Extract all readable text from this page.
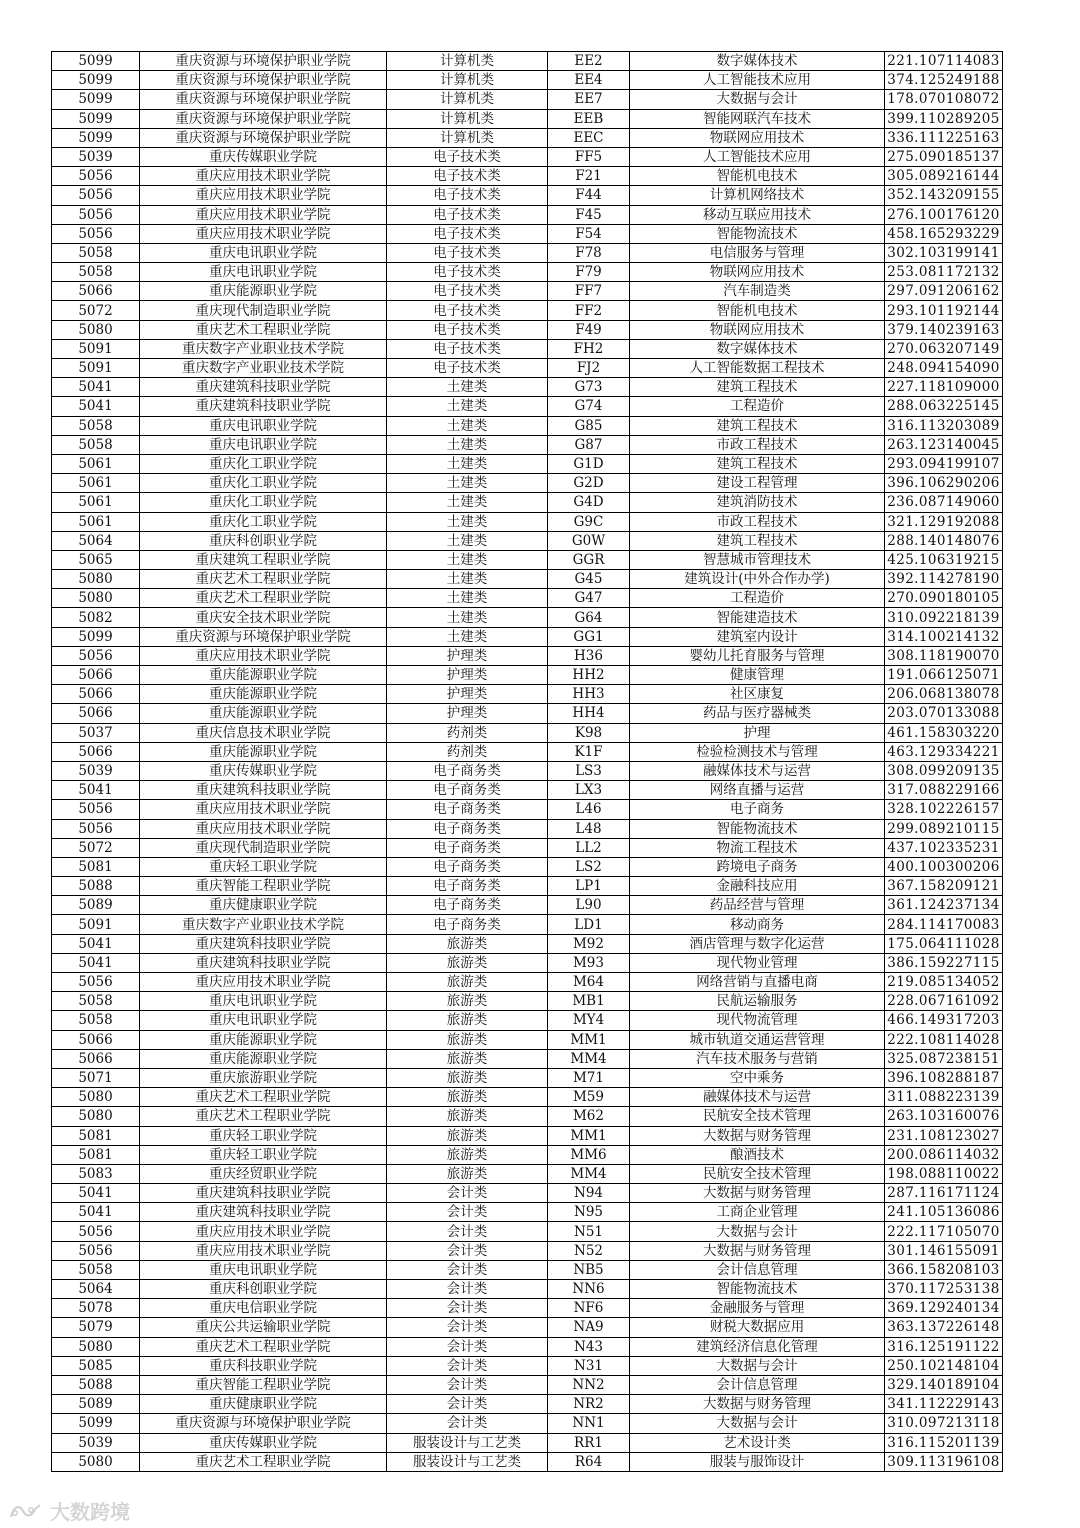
5099	重庆资源与环境保护职业学院	计算机类	EE2	数字媒体技术	221.107114083
5099	重庆资源与环境保护职业学院	计算机类	EE4	人工智能技术应用	374.125249188
5099	重庆资源与环境保护职业学院	计算机类	EE7	大数据与会计	178.070108072
5099	重庆资源与环境保护职业学院	计算机类	EEB	智能网联汽车技术	399.110289205
5099	重庆资源与环境保护职业学院	计算机类	EEC	物联网应用技术	336.111225163
5039	重庆传媒职业学院	电子技术类	FF5	人工智能技术应用	275.090185137
5056	重庆应用技术职业学院	电子技术类	F21	智能机电技术	305.089216144
5056	重庆应用技术职业学院	电子技术类	F44	计算机网络技术	352.143209155
5056	重庆应用技术职业学院	电子技术类	F45	移动互联应用技术	276.100176120
5056	重庆应用技术职业学院	电子技术类	F54	智能物流技术	458.165293229
5058	重庆电讯职业学院	电子技术类	F78	电信服务与管理	302.103199141
5058	重庆电讯职业学院	电子技术类	F79	物联网应用技术	253.081172132
5066	重庆能源职业学院	电子技术类	FF7	汽车制造类	297.091206162
5072	重庆现代制造职业学院	电子技术类	FF2	智能机电技术	293.101192144
5080	重庆艺术工程职业学院	电子技术类	F49	物联网应用技术	379.140239163
5091	重庆数字产业职业技术学院	电子技术类	FH2	数字媒体技术	270.063207149
5091	重庆数字产业职业技术学院	电子技术类	FJ2	人工智能数据工程技术	248.094154090
5041	重庆建筑科技职业学院	土建类	G73	建筑工程技术	227.118109000
5041	重庆建筑科技职业学院	土建类	G74	工程造价	288.063225145
5058	重庆电讯职业学院	土建类	G85	建筑工程技术	316.113203089
5058	重庆电讯职业学院	土建类	G87	市政工程技术	263.123140045
5061	重庆化工职业学院	土建类	G1D	建筑工程技术	293.094199107
5061	重庆化工职业学院	土建类	G2D	建设工程管理	396.106290206
5061	重庆化工职业学院	土建类	G4D	建筑消防技术	236.087149060
5061	重庆化工职业学院	土建类	G9C	市政工程技术	321.129192088
5064	重庆科创职业学院	土建类	G0W	建筑工程技术	288.140148076
5065	重庆建筑工程职业学院	土建类	GGR	智慧城市管理技术	425.106319215
5080	重庆艺术工程职业学院	土建类	G45	建筑设计(中外合作办学)	392.114278190
5080	重庆艺术工程职业学院	土建类	G47	工程造价	270.090180105
5082	重庆安全技术职业学院	土建类	G64	智能建造技术	310.092218139
5099	重庆资源与环境保护职业学院	土建类	GG1	建筑室内设计	314.100214132
5056	重庆应用技术职业学院	护理类	H36	婴幼儿托育服务与管理	308.118190070
5066	重庆能源职业学院	护理类	HH2	健康管理	191.066125071
5066	重庆能源职业学院	护理类	HH3	社区康复	206.068138078
5066	重庆能源职业学院	护理类	HH4	药品与医疗器械类	203.070133088
5037	重庆信息技术职业学院	药剂类	K98	护理	461.158303220
5066	重庆能源职业学院	药剂类	K1F	检验检测技术与管理	463.129334221
5039	重庆传媒职业学院	电子商务类	LS3	融媒体技术与运营	308.099209135
5041	重庆建筑科技职业学院	电子商务类	LX3	网络直播与运营	317.088229166
5056	重庆应用技术职业学院	电子商务类	L46	电子商务	328.102226157
5056	重庆应用技术职业学院	电子商务类	L48	智能物流技术	299.089210115
5072	重庆现代制造职业学院	电子商务类	LL2	物流工程技术	437.102335231
5081	重庆轻工职业学院	电子商务类	LS2	跨境电子商务	400.100300206
5088	重庆智能工程职业学院	电子商务类	LP1	金融科技应用	367.158209121
5089	重庆健康职业学院	电子商务类	L90	药品经营与管理	361.124237134
5091	重庆数字产业职业技术学院	电子商务类	LD1	移动商务	284.114170083
5041	重庆建筑科技职业学院	旅游类	M92	酒店管理与数字化运营	175.064111028
5041	重庆建筑科技职业学院	旅游类	M93	现代物业管理	386.159227115
5056	重庆应用技术职业学院	旅游类	M64	网络营销与直播电商	219.085134052
5058	重庆电讯职业学院	旅游类	MB1	民航运输服务	228.067161092
5058	重庆电讯职业学院	旅游类	MY4	现代物流管理	466.149317203
5066	重庆能源职业学院	旅游类	MM1	城市轨道交通运营管理	222.108114028
5066	重庆能源职业学院	旅游类	MM4	汽车技术服务与营销	325.087238151
5071	重庆旅游职业学院	旅游类	M71	空中乘务	396.108288187
5080	重庆艺术工程职业学院	旅游类	M59	融媒体技术与运营	311.088223139
5080	重庆艺术工程职业学院	旅游类	M62	民航安全技术管理	263.103160076
5081	重庆轻工职业学院	旅游类	MM1	大数据与财务管理	231.108123027
5081	重庆轻工职业学院	旅游类	MM6	酿酒技术	200.086114032
5083	重庆经贸职业学院	旅游类	MM4	民航安全技术管理	198.088110022
5041	重庆建筑科技职业学院	会计类	N94	大数据与财务管理	287.116171124
5041	重庆建筑科技职业学院	会计类	N95	工商企业管理	241.105136086
5056	重庆应用技术职业学院	会计类	N51	大数据与会计	222.117105070
5056	重庆应用技术职业学院	会计类	N52	大数据与财务管理	301.146155091
5058	重庆电讯职业学院	会计类	NB5	会计信息管理	366.158208103
5064	重庆科创职业学院	会计类	NN6	智能物流技术	370.117253138
5078	重庆电信职业学院	会计类	NF6	金融服务与管理	369.129240134
5079	重庆公共运输职业学院	会计类	NA9	财税大数据应用	363.137226148
5080	重庆艺术工程职业学院	会计类	N43	建筑经济信息化管理	316.125191122
5085	重庆科技职业学院	会计类	N31	大数据与会计	250.102148104
5088	重庆智能工程职业学院	会计类	NN2	会计信息管理	329.140189104
5089	重庆健康职业学院	会计类	NR2	大数据与财务管理	341.112229143
5099	重庆资源与环境保护职业学院	会计类	NN1	大数据与会计	310.097213118
5039	重庆传媒职业学院	服装设计与工艺类	RR1	艺术设计类	316.115201139
5080	重庆艺术工程职业学院	服装设计与工艺类	R64	服装与服饰设计	309.113196108
大数跨境
